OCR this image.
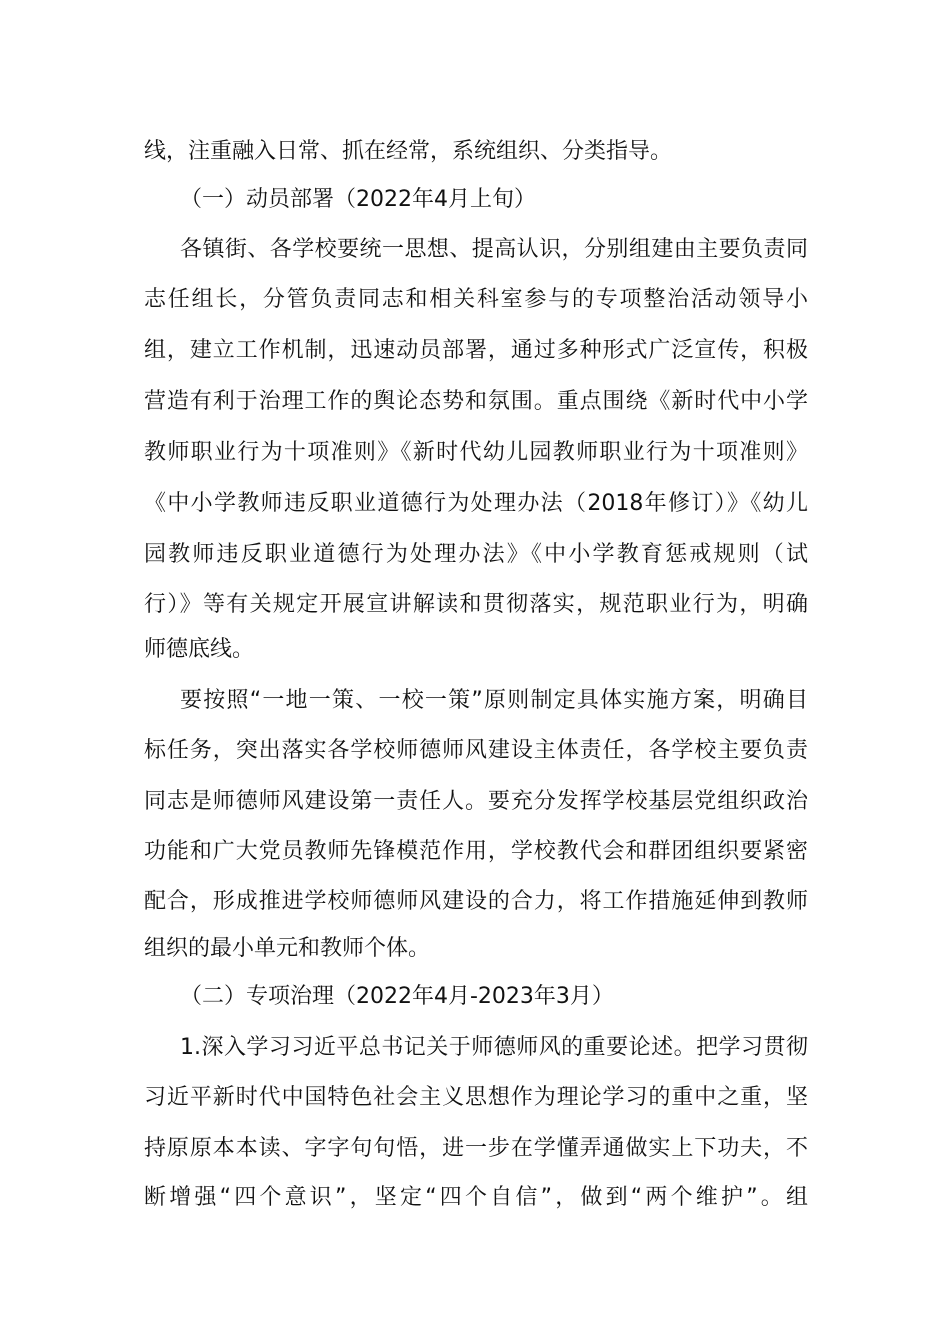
线，注重融入日常、抓在经常，系统组织、分类指导。
（一）动员部署（2022年4月上旬）
各镇街、各学校要统一思想、提高认识，分别组建由主要负责同
志任组长，分管负责同志和相关科室参与的专项整治活动领导小
组，建立工作机制，迅速动员部署，通过多种形式广泛宣传，积极
营造有利于治理工作的舆论态势和氛围。重点围绕《新时代中小学
教师职业行为十项准则》《新时代幼儿园教师职业行为十项准则》
《中小学教师违反职业道德行为处理办法（2018年修订）》《幼儿
园教师违反职业道德行为处理办法》《中小学教育惩戒规则（试
行）》等有关规定开展宣讲解读和贯彻落实，规范职业行为，明确
师德底线。
要按照“一地一策、一校一策”原则制定具体实施方案，明确目
标任务，突出落实各学校师德师风建设主体责任，各学校主要负责
同志是师德师风建设第一责任人。要充分发挥学校基层党组织政治
功能和广大党员教师先锋模范作用，学校教代会和群团组织要紧密
配合，形成推进学校师德师风建设的合力，将工作措施延伸到教师
组织的最小单元和教师个体。
（二）专项治理（2022年4月-2023年3月）
1.深入学习习近平总书记关于师德师风的重要论述。把学习贯彻
习近平新时代中国特色社会主义思想作为理论学习的重中之重，坚
持原原本本读、字字句句悟，进一步在学懂弄通做实上下功夫，不
断增强“四个意识”，坚定“四个自信”，做到“两个维护”。组
